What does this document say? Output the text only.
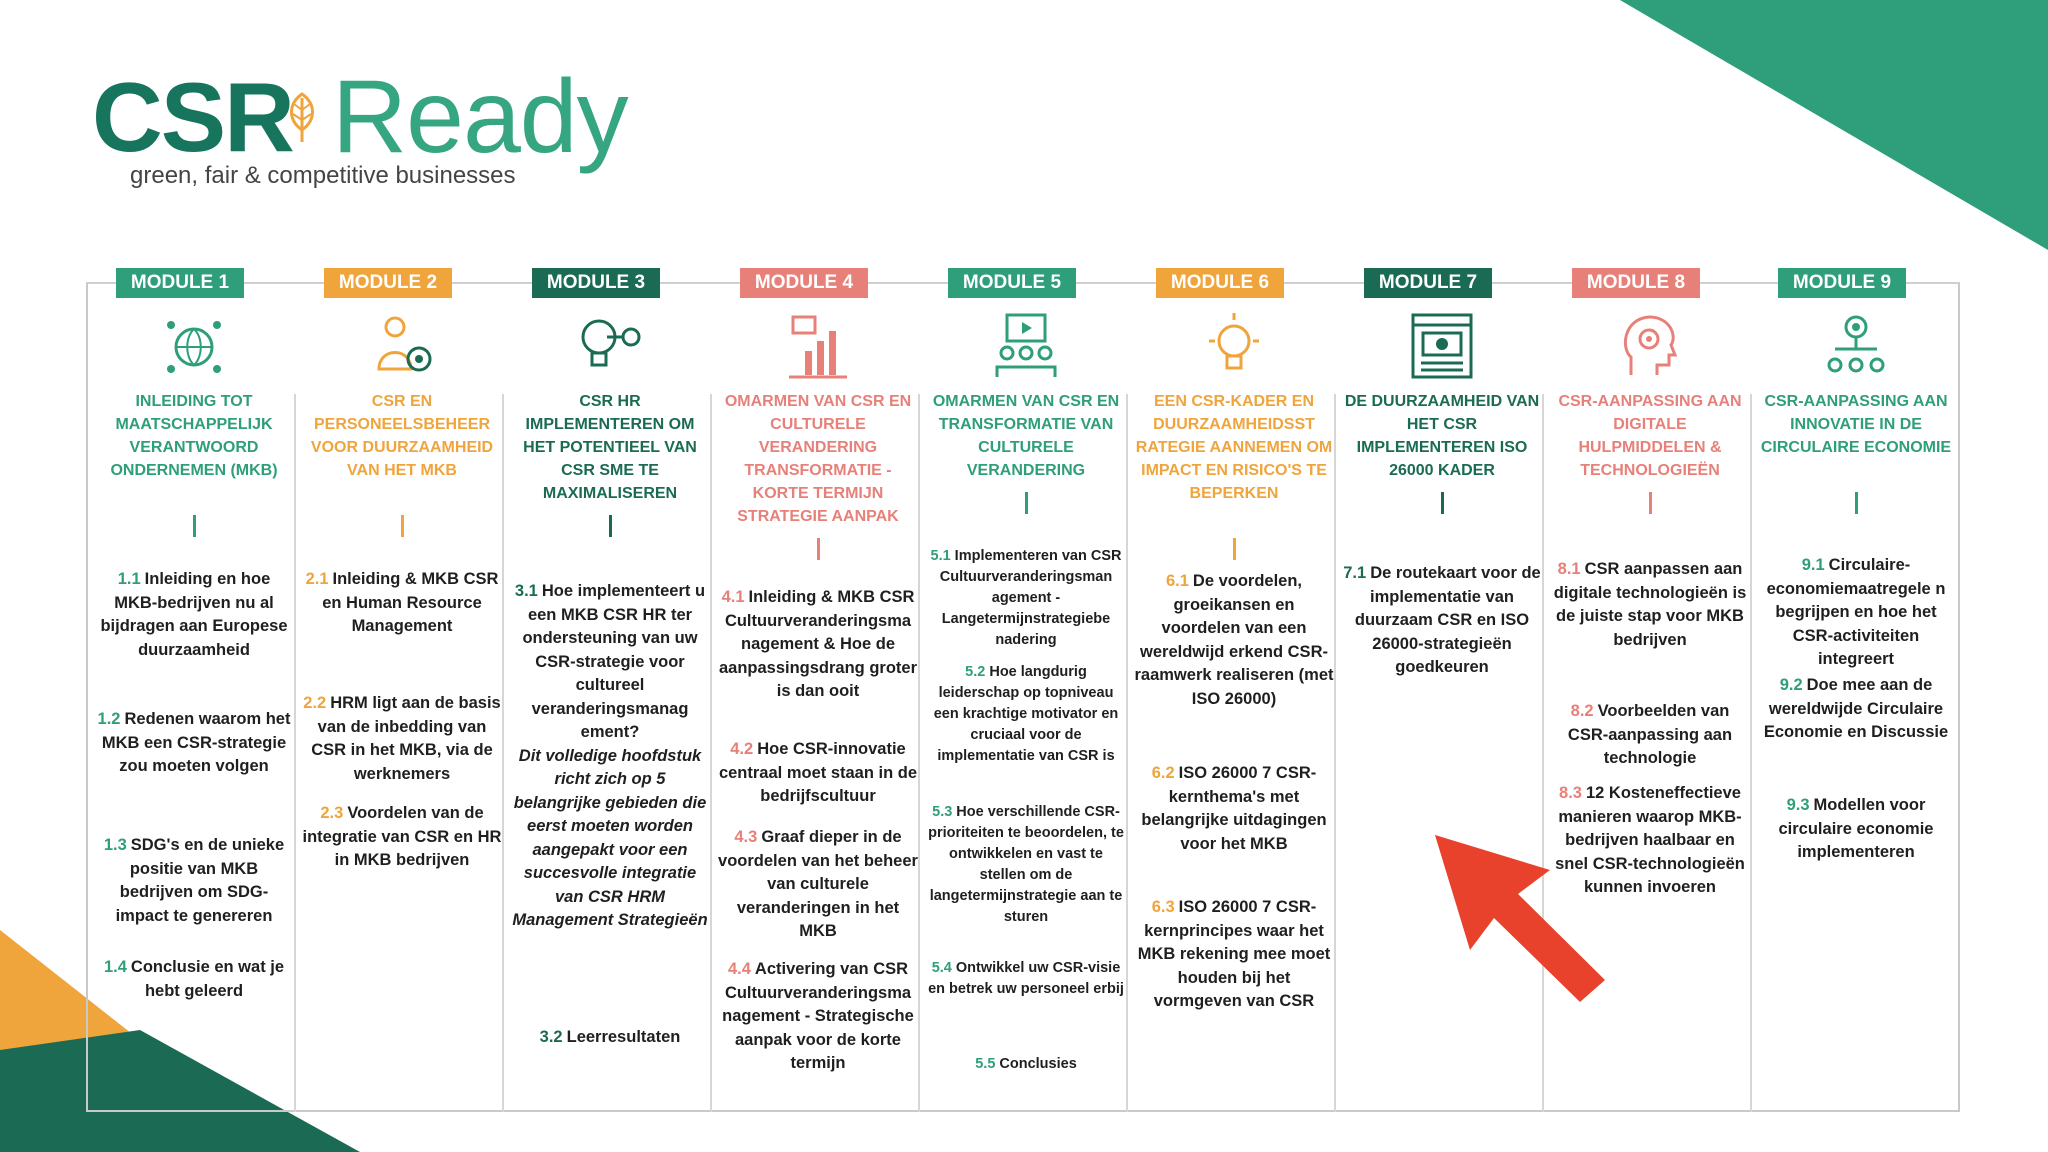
CSR Ready
green, fair & competitive businesses
MODULE 1
INLEIDING TOT MAATSCHAPPELIJK VERANTWOORD ONDERNEMEN (MKB)
1.1 Inleiding en hoe MKB-bedrijven nu al bijdragen aan Europese duurzaamheid
1.2 Redenen waarom het MKB een CSR-strategie zou moeten volgen
1.3 SDG's en de unieke positie van MKB bedrijven om SDG-impact te genereren
1.4 Conclusie en wat je hebt geleerd
MODULE 2
CSR EN PERSONEELSBEHEER VOOR DUURZAAMHEID VAN HET MKB
2.1 Inleiding & MKB CSR en Human Resource Management
2.2 HRM ligt aan de basis van de inbedding van CSR in het MKB, via de werknemers
2.3 Voordelen van de integratie van CSR en HR in MKB bedrijven
MODULE 3
CSR HR IMPLEMENTEREN OM HET POTENTIEEL VAN CSR SME TE MAXIMALISEREN
3.1 Hoe implementeert u een MKB CSR HR ter ondersteuning van uw CSR-strategie voor cultureel veranderingsmanag ement?
Dit volledige hoofdstuk richt zich op 5 belangrijke gebieden die eerst moeten worden aangepakt voor een succesvolle integratie van CSR HRM Management Strategieën
3.2 Leerresultaten
MODULE 4
OMARMEN VAN CSR EN CULTURELE VERANDERING TRANSFORMATIE - KORTE TERMIJN STRATEGIE AANPAK
4.1 Inleiding & MKB CSR Cultuurveranderingsma nagement & Hoe de aanpassingsdrang groter is dan ooit
4.2 Hoe CSR-innovatie centraal moet staan in de bedrijfscultuur
4.3 Graaf dieper in de voordelen van het beheer van culturele veranderingen in het MKB
4.4 Activering van CSR Cultuurveranderingsma nagement - Strategische aanpak voor de korte termijn
MODULE 5
OMARMEN VAN CSR EN TRANSFORMATIE VAN CULTURELE VERANDERING
5.1 Implementeren van CSR Cultuurveranderingsman agement - Langetermijnstrategiebe nadering
5.2 Hoe langdurig leiderschap op topniveau een krachtige motivator en cruciaal voor de implementatie van CSR is
5.3 Hoe verschillende CSR-prioriteiten te beoordelen, te ontwikkelen en vast te stellen om de langetermijnstrategie aan te sturen
5.4 Ontwikkel uw CSR-visie en betrek uw personeel erbij
5.5 Conclusies
MODULE 6
EEN CSR-KADER EN DUURZAAMHEIDSST RATEGIE AANNEMEN OM IMPACT EN RISICO'S TE BEPERKEN
6.1 De voordelen, groeikansen en voordelen van een wereldwijd erkend CSR-raamwerk realiseren (met ISO 26000)
6.2 ISO 26000 7 CSR-kernthema's met belangrijke uitdagingen voor het MKB
6.3 ISO 26000 7 CSR-kernprincipes waar het MKB rekening mee moet houden bij het vormgeven van CSR
MODULE 7
DE DUURZAAMHEID VAN HET CSR IMPLEMENTEREN ISO 26000 KADER
7.1 De routekaart voor de implementatie van duurzaam CSR en ISO 26000-strategieën goedkeuren
MODULE 8
CSR-AANPASSING AAN DIGITALE HULPMIDDELEN & TECHNOLOGIEËN
8.1 CSR aanpassen aan digitale technologieën is de juiste stap voor MKB bedrijven
8.2 Voorbeelden van CSR-aanpassing aan technologie
8.3 12 Kosteneffectieve manieren waarop MKB-bedrijven haalbaar en snel CSR-technologieën kunnen invoeren
MODULE 9
CSR-AANPASSING AAN INNOVATIE IN DE CIRCULAIRE ECONOMIE
9.1 Circulaire-economiemaatregele n begrijpen en hoe het CSR-activiteiten integreert
9.2 Doe mee aan de wereldwijde Circulaire Economie en Discussie
9.3 Modellen voor circulaire economie implementeren
